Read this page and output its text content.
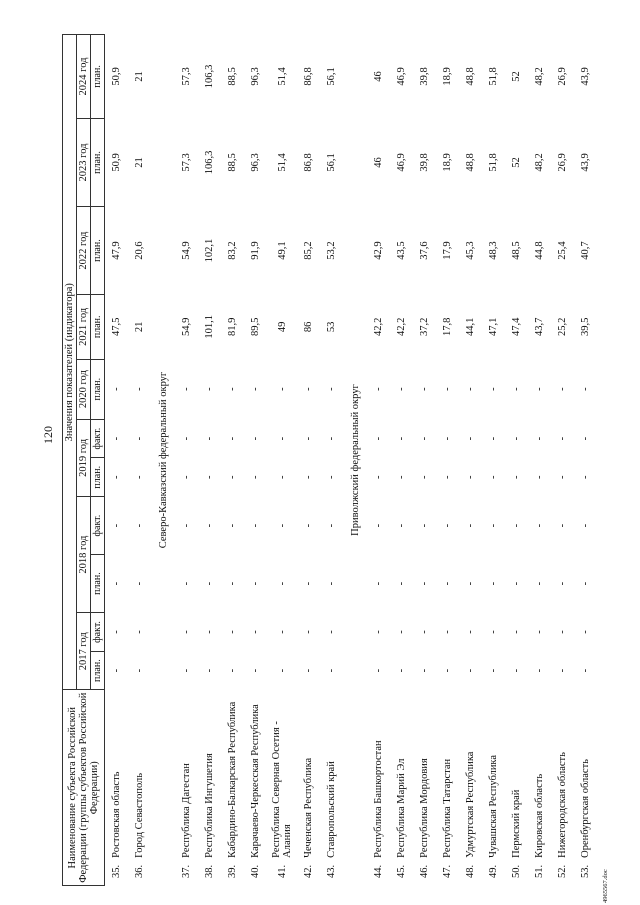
120
4965567.doc
Наименование субъекта Российской Федерации (группы субъектов Российской Федерации)		Значения показателей (индикатора)										
		2017 год		2018 год		2019 год		2020 год	2021 год	2022 год	2023 год	2024 год
		план.	факт.	план.	факт.	план.	факт.	план.	план.	план.	план.	план.
35.	Ростовская область	-	-	-	-	-	-	-	47,5	47,9	50,9	50,9
36.	Город Севастополь	-	-	-	-	-	-	-	21	20,6	21	21
Северо-Кавказский федеральный округ												
37.	Республика Дагестан	-	-	-	-	-	-	-	54,9	54,9	57,3	57,3
38.	Республика Ингушетия	-	-	-	-	-	-	-	101,1	102,1	106,3	106,3
39.	Кабардино-Балкарская Республика	-	-	-	-	-	-	-	81,9	83,2	88,5	88,5
40.	Карачаево-Черкесская Республика	-	-	-	-	-	-	-	89,5	91,9	96,3	96,3
41.	Республика Северная Осетия - Алания	-	-	-	-	-	-	-	49	49,1	51,4	51,4
42.	Чеченская Республика	-	-	-	-	-	-	-	86	85,2	86,8	86,8
43.	Ставропольский край	-	-	-	-	-	-	-	53	53,2	56,1	56,1
Приволжский федеральный округ												
44.	Республика Башкортостан	-	-	-	-	-	-	-	42,2	42,9	46	46
45.	Республика Марий Эл	-	-	-	-	-	-	-	42,2	43,5	46,9	46,9
46.	Республика Мордовия	-	-	-	-	-	-	-	37,2	37,6	39,8	39,8
47.	Республика Татарстан	-	-	-	-	-	-	-	17,8	17,9	18,9	18,9
48.	Удмуртская Республика	-	-	-	-	-	-	-	44,1	45,3	48,8	48,8
49.	Чувашская Республика	-	-	-	-	-	-	-	47,1	48,3	51,8	51,8
50.	Пермский край	-	-	-	-	-	-	-	47,4	48,5	52	52
51.	Кировская область	-	-	-	-	-	-	-	43,7	44,8	48,2	48,2
52.	Нижегородская область	-	-	-	-	-	-	-	25,2	25,4	26,9	26,9
53.	Оренбургская область	-	-	-	-	-	-	-	39,5	40,7	43,9	43,9
